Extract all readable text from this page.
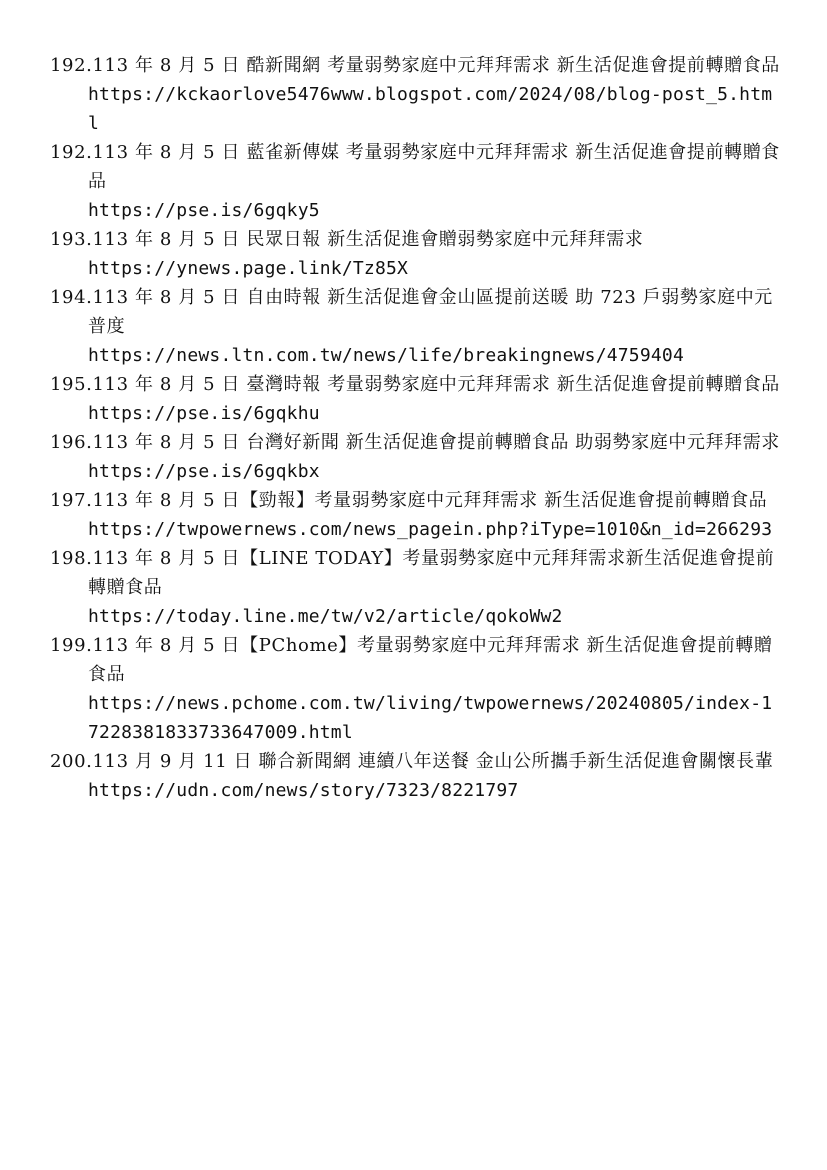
192.113 年 8 月 5 日 酷新聞網 考量弱勢家庭中元拜拜需求 新生活促進會提前轉贈食品
https://kckaorlove5476www.blogspot.com/2024/08/blog-post_5.html
192.113 年 8 月 5 日 藍雀新傳媒 考量弱勢家庭中元拜拜需求 新生活促進會提前轉贈食品
https://pse.is/6gqky5
193.113 年 8 月 5 日 民眾日報 新生活促進會贈弱勢家庭中元拜拜需求
https://ynews.page.link/Tz85X
194.113 年 8 月 5 日 自由時報 新生活促進會金山區提前送暖 助 723 戶弱勢家庭中元普度
https://news.ltn.com.tw/news/life/breakingnews/4759404
195.113 年 8 月 5 日 臺灣時報 考量弱勢家庭中元拜拜需求 新生活促進會提前轉贈食品
https://pse.is/6gqkhu
196.113 年 8 月 5 日 台灣好新聞 新生活促進會提前轉贈食品 助弱勢家庭中元拜拜需求
https://pse.is/6gqkbx
197.113 年 8 月 5 日【勁報】考量弱勢家庭中元拜拜需求 新生活促進會提前轉贈食品
https://twpowernews.com/news_pagein.php?iType=1010&n_id=266293
198.113 年 8 月 5 日【LINE TODAY】考量弱勢家庭中元拜拜需求新生活促進會提前轉贈食品
https://today.line.me/tw/v2/article/qokoWw2
199.113 年 8 月 5 日【PChome】考量弱勢家庭中元拜拜需求 新生活促進會提前轉贈食品
https://news.pchome.com.tw/living/twpowernews/20240805/index-17228381833733647009.html
200.113 月 9 月 11 日 聯合新聞網 連續八年送餐 金山公所攜手新生活促進會關懷長輩
https://udn.com/news/story/7323/8221797
